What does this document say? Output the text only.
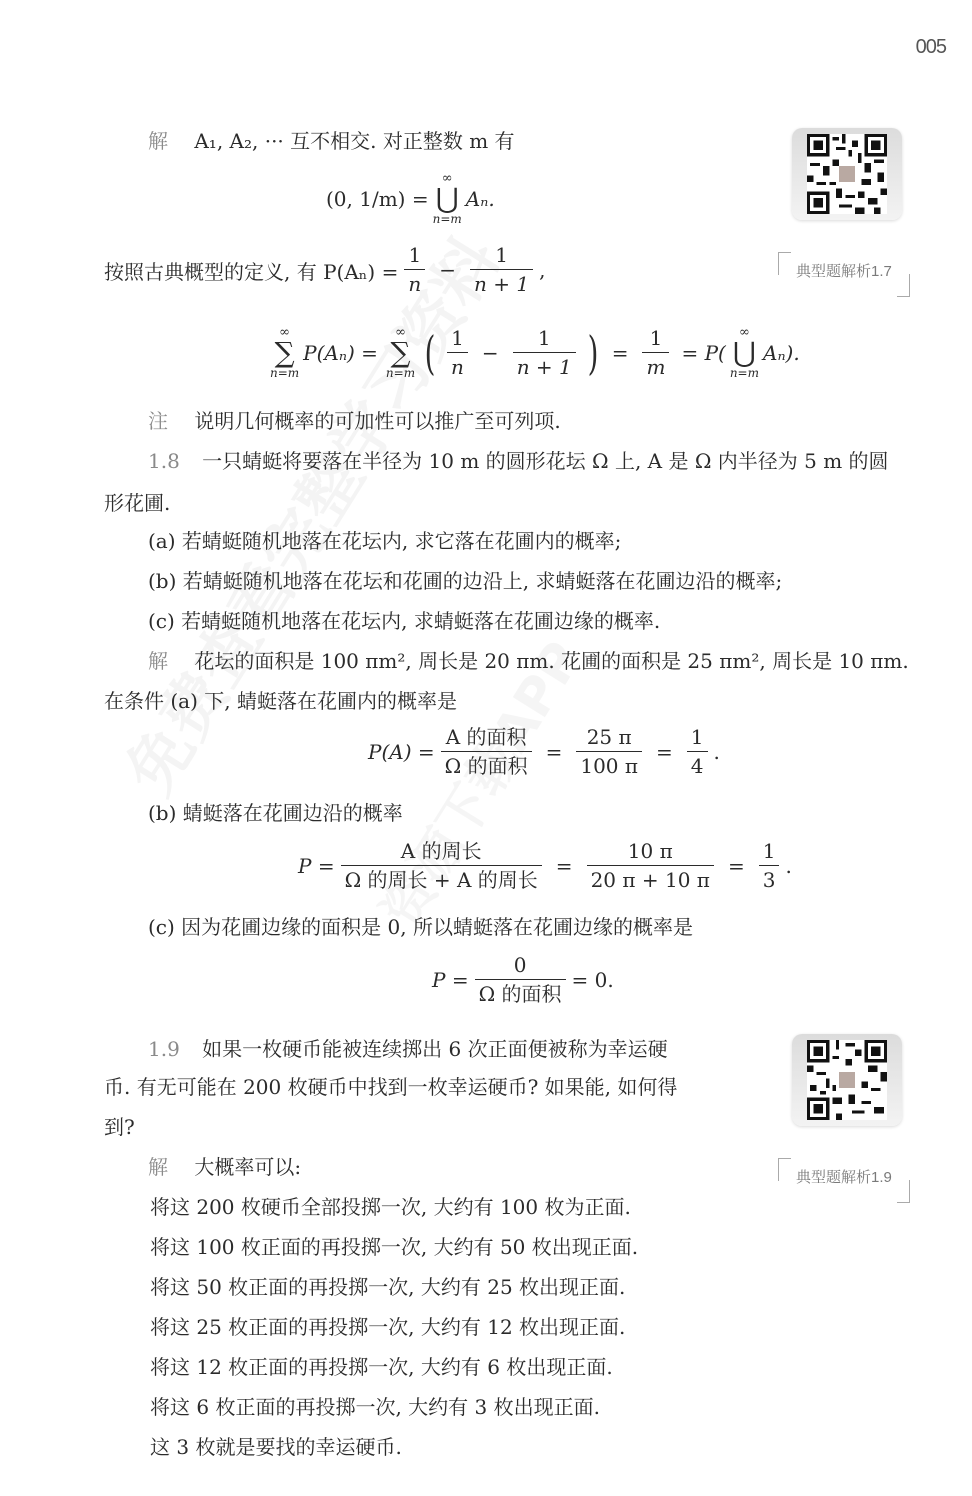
005
解 A₁, A₂, ··· 互不相交. 对正整数 m 有
(0, 1/m) =
∞
⋃
n=m
Aₙ.
按照古典概型的定义, 有 $P(A_n) = \frac{1}{n} - \frac{1}{n + 1}$ ,
∞
∑
n=m
P(Aₙ) =
∞
∑
n=m ( $\frac{1}{n} - \frac{1}{n + 1}$ ) = $\frac{1}{m} = P$(
∞
⋃
n=m
Aₙ).
注 说明几何概率的可加性可以推广至可列项.
典型题解析1.7
1.8 一只蜻蜓将要落在半径为 10 m 的圆形花坛 Ω 上, A 是 Ω 内半径为 5 m 的圆
形花圃.
(a) 若蜻蜓随机地落在花坛内, 求它落在花圃内的概率;
(b) 若蜻蜓随机地落在花坛和花圃的边沿上, 求蜻蜓落在花圃边沿的概率;
(c) 若蜻蜓随机地落在花坛内, 求蜻蜓落在花圃边缘的概率.
解 花坛的面积是 100 πm², 周长是 20 πm. 花圃的面积是 25 πm², 周长是 10 πm.
在条件 (a) 下, 蜻蜓落在花圃内的概率是
$P(A) = \frac{\text{A 的面积}}{\text{Ω 的面积}} = \frac{25 \pi}{100 \pi} = \frac{1}{4}$ .
(b) 蜻蜓落在花圃边沿的概率
$P = \frac{\text{A 的周长}}{\text{Ω 的周长 + A 的周长}} = \frac{10 \pi}{20 \pi + 10 \pi} = \frac{1}{3}$ .
(c) 因为花圃边缘的面积是 0, 所以蜻蜓落在花圃边缘的概率是
$P = \frac{0}{\text{Ω 的面积}} = 0$.
1.9 如果一枚硬币能被连续掷出 6 次正面便被称为幸运硬
币. 有无可能在 200 枚硬币中找到一枚幸运硬币? 如果能, 如何得
到?
解 大概率可以:
将这 200 枚硬币全部投掷一次, 大约有 100 枚为正面.
将这 100 枚正面的再投掷一次, 大约有 50 枚出现正面.
将这 50 枚正面的再投掷一次, 大约有 25 枚出现正面.
将这 25 枚正面的再投掷一次, 大约有 12 枚出现正面.
将这 12 枚正面的再投掷一次, 大约有 6 枚出现正面.
将这 6 枚正面的再投掷一次, 大约有 3 枚出现正面.
这 3 枚就是要找的幸运硬币.
典型题解析1.9
